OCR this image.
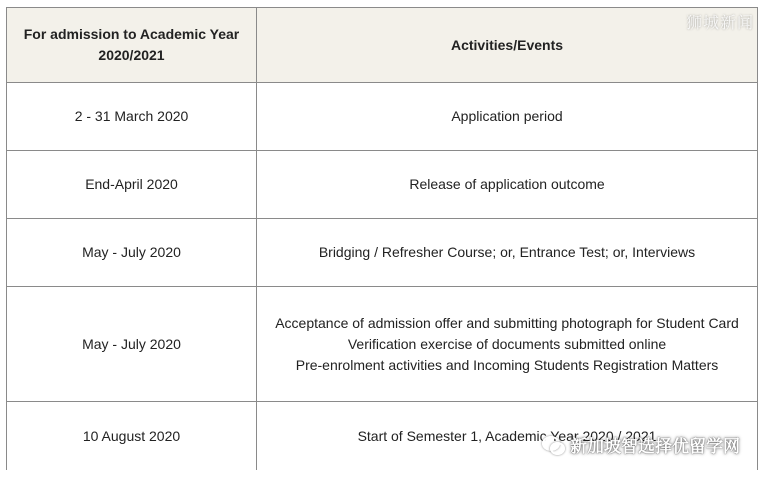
For admission to Academic Year 2020/2021	Activities/Events
2 - 31 March 2020	Application period

End-April 2020	Release of application outcome

May - July 2020	Bridging / Refresher Course; or, Entrance Test; or, Interviews

May - July 2020	Acceptance of admission offer and submitting photograph for Student Card
Verification exercise of documents submitted online
Pre-enrolment activities and Incoming Students Registration Matters

10 August 2020	Start of Semester 1, Academic Year 2020 / 2021
狮城新闻
新加坡智选择优留学网
